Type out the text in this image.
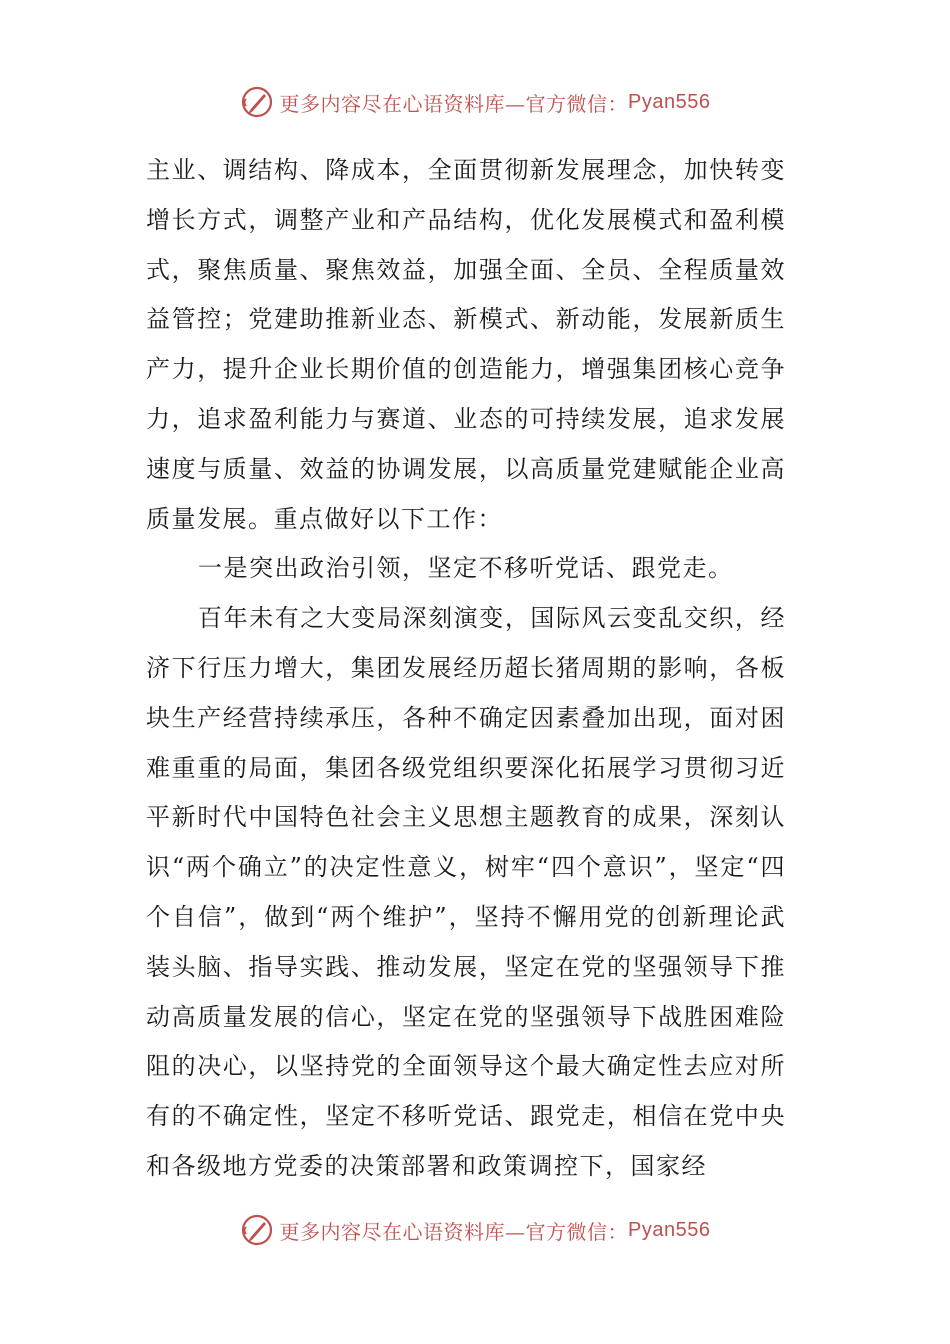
更多内容尽在心语资料库—官方微信： Pyan556

主业、调结构、降成本，全面贯彻新发展理念，加快转变增长方式，调整产业和产品结构，优化发展模式和盈利模式，聚焦质量、聚焦效益，加强全面、全员、全程质量效益管控；党建助推新业态、新模式、新动能，发展新质生产力，提升企业长期价值的创造能力，增强集团核心竞争力，追求盈利能力与赛道、业态的可持续发展，追求发展速度与质量、效益的协调发展，以高质量党建赋能企业高质量发展。重点做好以下工作：

一是突出政治引领，坚定不移听党话、跟党走。

百年未有之大变局深刻演变，国际风云变乱交织，经济下行压力增大，集团发展经历超长猪周期的影响，各板块生产经营持续承压，各种不确定因素叠加出现，面对困难重重的局面，集团各级党组织要深化拓展学习贯彻习近平新时代中国特色社会主义思想主题教育的成果，深刻认识“两个确立”的决定性意义，树牢“四个意识”，坚定“四个自信”，做到“两个维护”，坚持不懈用党的创新理论武装头脑、指导实践、推动发展，坚定在党的坚强领导下推动高质量发展的信心，坚定在党的坚强领导下战胜困难险阻的决心，以坚持党的全面领导这个最大确定性去应对所有的不确定性，坚定不移听党话、跟党走，相信在党中央和各级地方党委的决策部署和政策调控下，国家经

更多内容尽在心语资料库—官方微信： Pyan556
